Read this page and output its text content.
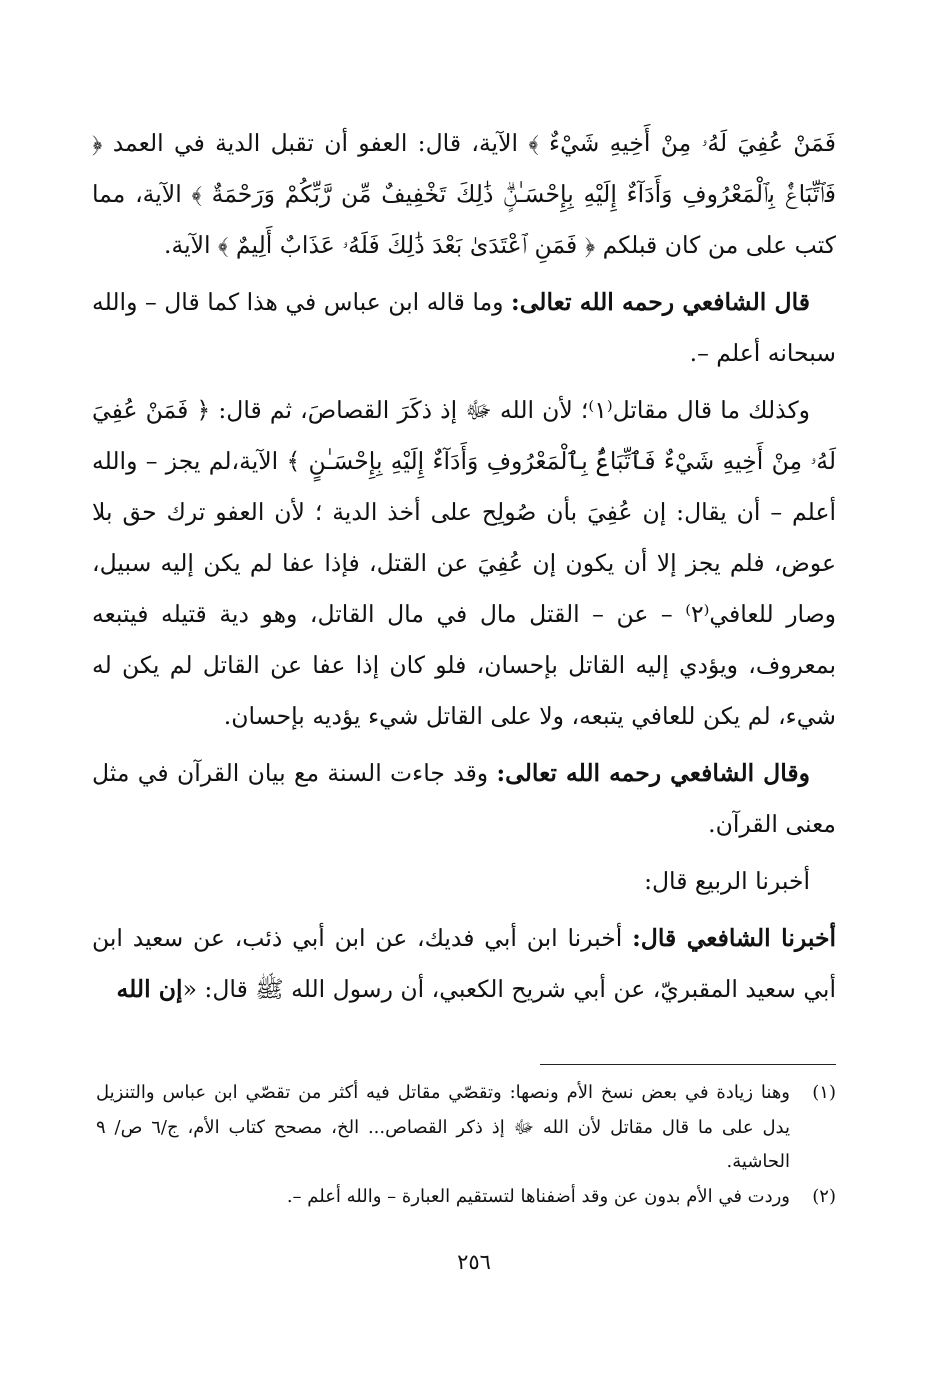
فَمَنْ عُفِيَ لَهُۥ مِنْ أَخِيهِ شَيْءٌ ﴾ الآية، قال: العفو أن تقبل الدية في العمد ﴿ فَٱتِّبَاعٌۢ بِٱلْمَعْرُوفِ وَأَدَآءٌ إِلَيْهِ بِإِحْسَـٰنٍۗ ذَٰلِكَ تَخْفِيفٌ مِّن رَّبِّكُمْ وَرَحْمَةٌ ﴾ الآية، مما كتب على من كان قبلكم ﴿ فَمَنِ ٱعْتَدَىٰ بَعْدَ ذَٰلِكَ فَلَهُۥ عَذَابٌ أَلِيمٌ ﴾ الآية.

قال الشافعي رحمه الله تعالى: وما قاله ابن عباس في هذا كما قال – والله سبحانه أعلم –.

وكذلك ما قال مقاتل⁽١⁾؛ لأن الله ﷻ إذ ذكَرَ القصاصَ، ثم قال: ﴿ فَمَنْ عُفِيَ لَهُۥ مِنْ أَخِيهِ شَيْءٌ فَٱتِّبَاعٌۢ بِٱلْمَعْرُوفِ وَأَدَآءٌ إِلَيْهِ بِإِحْسَـٰنٍ ﴾ الآية،لم يجز – والله أعلم – أن يقال: إن عُفِيَ بأن صُولِح على أخذ الدية ؛ لأن العفو ترك حق بلا عوض، فلم يجز إلا أن يكون إن عُفِيَ عن القتل، فإذا عفا لم يكن إليه سبيل، وصار للعافي⁽٢⁾ – عن – القتل مال في مال القاتل، وهو دية قتيله فيتبعه بمعروف، ويؤدي إليه القاتل بإحسان، فلو كان إذا عفا عن القاتل لم يكن له شيء، لم يكن للعافي يتبعه، ولا على القاتل شيء يؤديه بإحسان.

وقال الشافعي رحمه الله تعالى: وقد جاءت السنة مع بيان القرآن في مثل معنى القرآن.

أخبرنا الربيع قال:

أخبرنا الشافعي قال: أخبرنا ابن أبي فديك، عن ابن أبي ذئب، عن سعيد ابن أبي سعيد المقبريّ، عن أبي شريح الكعبي، أن رسول الله ﷺ قال: «إن الله

(١)
وهنا زيادة في بعض نسخ الأم ونصها: وتقصّي مقاتل فيه أكثر من تقصّي ابن عباس والتنزيل يدل على ما قال مقاتل لأن الله ﷻ إذ ذكر القصاص... الخ، مصحح كتاب الأم، ج/٦ ص/ ٩ الحاشية.
(٢)
وردت في الأم بدون عن وقد أضفناها لتستقيم العبارة – والله أعلم –.
٢٥٦
